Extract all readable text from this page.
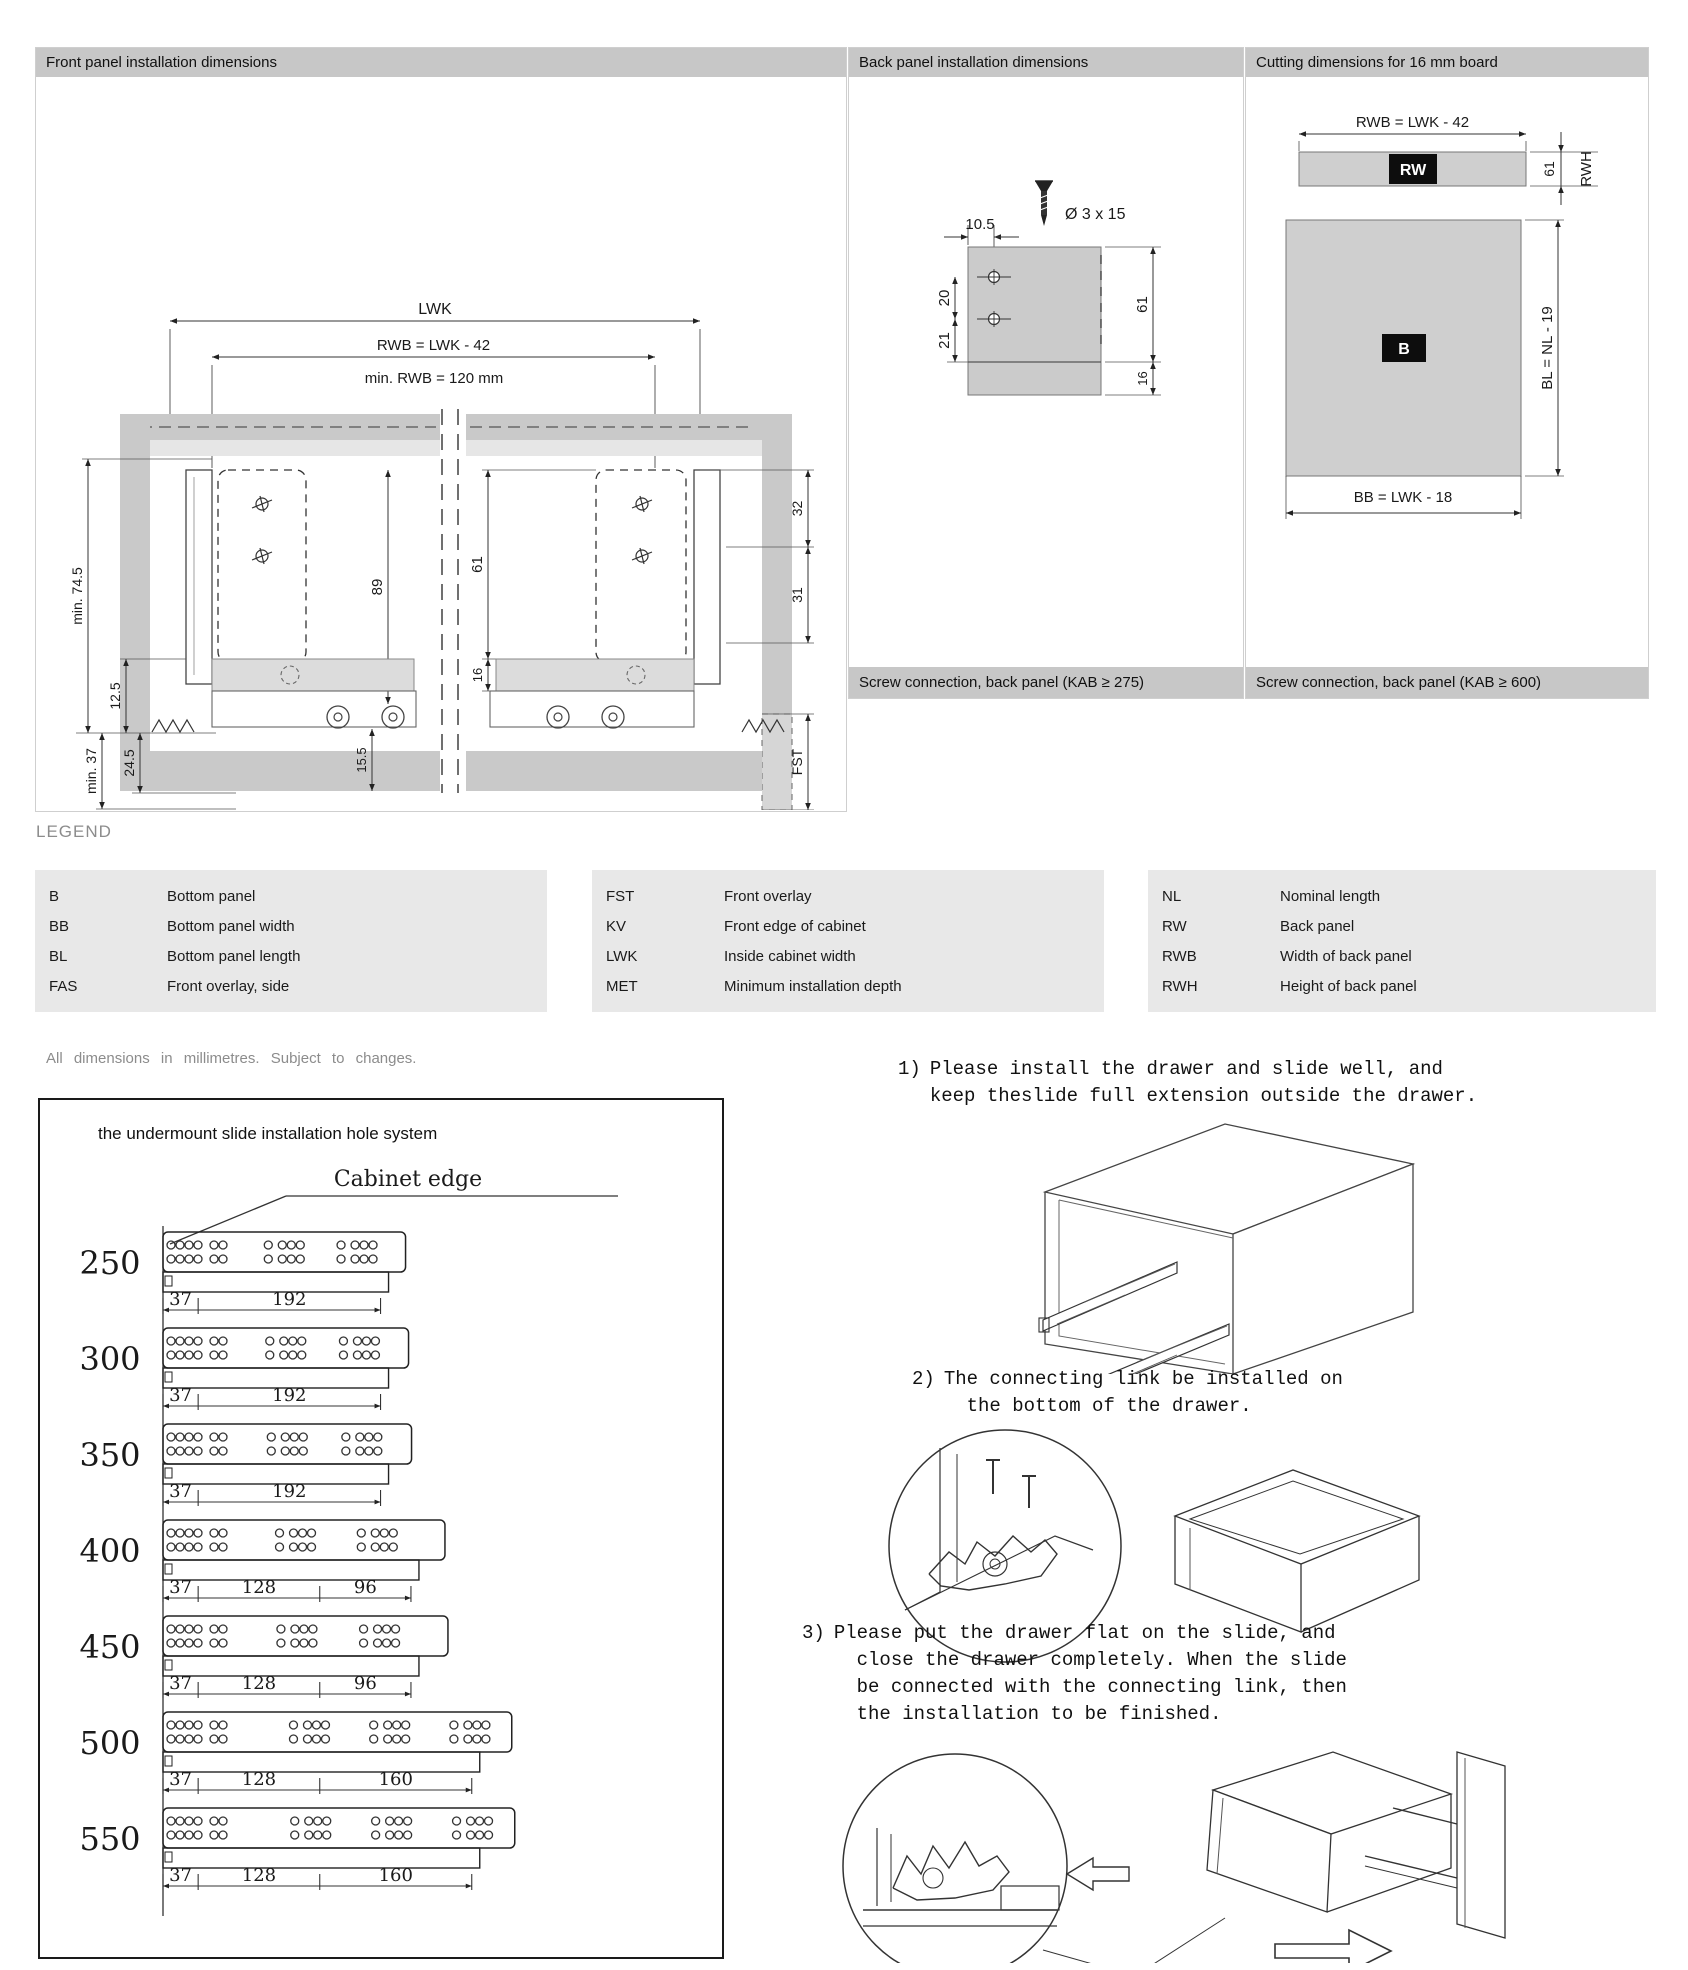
Front panel installation dimensions
LWK
RWB = LWK - 42
min. RWB = 120 mm
89
15.5
min. 74.5
12.5
min. 37 24.5
61
16
32
31
FST
Back panel installation dimensions
Ø 3 x 15
10.5
20
21
61
16
Screw connection, back panel (KAB ≥ 275)
Cutting dimensions for 16 mm board
RWB = LWK - 42
RW	61 RWH
B	BL = NL - 19
BB = LWK - 18
Screw connection, back panel (KAB ≥ 600)
LEGEND
B	Bottom panel
BB	Bottom panel width
BL	Bottom panel length
FAS	Front overlay, side
FST	Front overlay
KV	Front edge of cabinet
LWK	Inside cabinet width
MET	Minimum installation depth
NL	Nominal length
RW	Back panel
RWB	Width of back panel
RWH	Height of back panel
All dimensions in millimetres. Subject to changes.
the undermount slide installation hole system
Cabinet edge
250
37	192
300
37	192
350
37	192
400
37	128	96
450
37	128	96
500
37	128	160
550
37	128	160
1) Please install the drawer and slide well, and
keep theslide full extension outside the drawer.
2) The connecting link be installed on
the bottom of the drawer.
3) Please put the drawer flat on the slide, and
close the drawer completely. When the slide
be connected with the connecting link, then
the installation to be finished.
